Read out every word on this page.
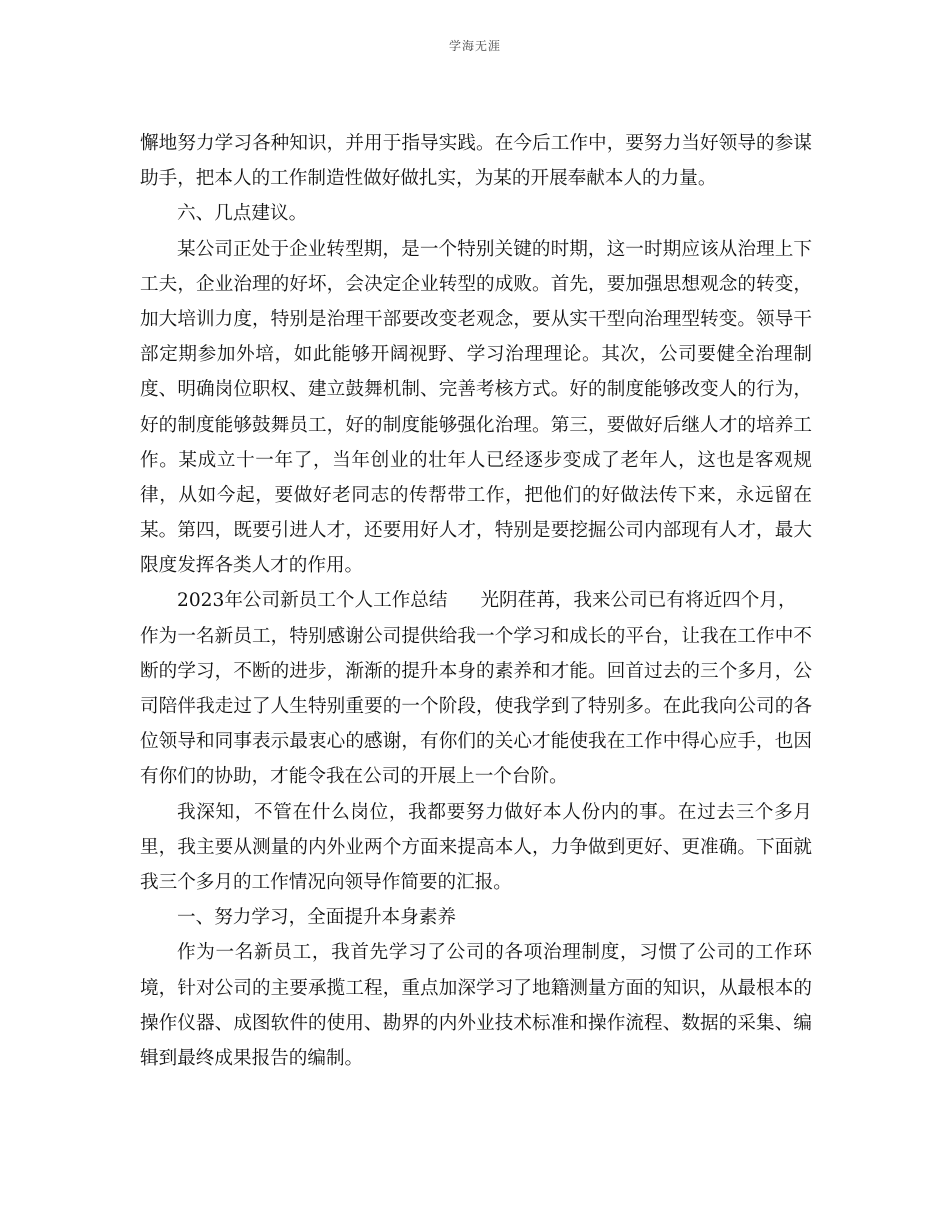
学海无涯
懈地努力学习各种知识，并用于指导实践。在今后工作中，要努力当好领导的参谋
助手，把本人的工作制造性做好做扎实，为某的开展奉献本人的力量。
六、几点建议。
某公司正处于企业转型期，是一个特别关键的时期，这一时期应该从治理上下
工夫，企业治理的好坏，会决定企业转型的成败。首先，要加强思想观念的转变，
加大培训力度，特别是治理干部要改变老观念，要从实干型向治理型转变。领导干
部定期参加外培，如此能够开阔视野、学习治理理论。其次，公司要健全治理制
度、明确岗位职权、建立鼓舞机制、完善考核方式。好的制度能够改变人的行为，
好的制度能够鼓舞员工，好的制度能够强化治理。第三，要做好后继人才的培养工
作。某成立十一年了，当年创业的壮年人已经逐步变成了老年人，这也是客观规
律，从如今起，要做好老同志的传帮带工作，把他们的好做法传下来，永远留在
某。第四，既要引进人才，还要用好人才，特别是要挖掘公司内部现有人才，最大
限度发挥各类人才的作用。
2023年公司新员工个人工作总结 光阴荏苒，我来公司已有将近四个月，
作为一名新员工，特别感谢公司提供给我一个学习和成长的平台，让我在工作中不
断的学习，不断的进步，渐渐的提升本身的素养和才能。回首过去的三个多月，公
司陪伴我走过了人生特别重要的一个阶段，使我学到了特别多。在此我向公司的各
位领导和同事表示最衷心的感谢，有你们的关心才能使我在工作中得心应手，也因
有你们的协助，才能令我在公司的开展上一个台阶。
我深知，不管在什么岗位，我都要努力做好本人份内的事。在过去三个多月
里，我主要从测量的内外业两个方面来提高本人，力争做到更好、更准确。下面就
我三个多月的工作情况向领导作简要的汇报。
一、努力学习，全面提升本身素养
作为一名新员工，我首先学习了公司的各项治理制度，习惯了公司的工作环
境，针对公司的主要承揽工程，重点加深学习了地籍测量方面的知识，从最根本的
操作仪器、成图软件的使用、勘界的内外业技术标准和操作流程、数据的采集、编
辑到最终成果报告的编制。
